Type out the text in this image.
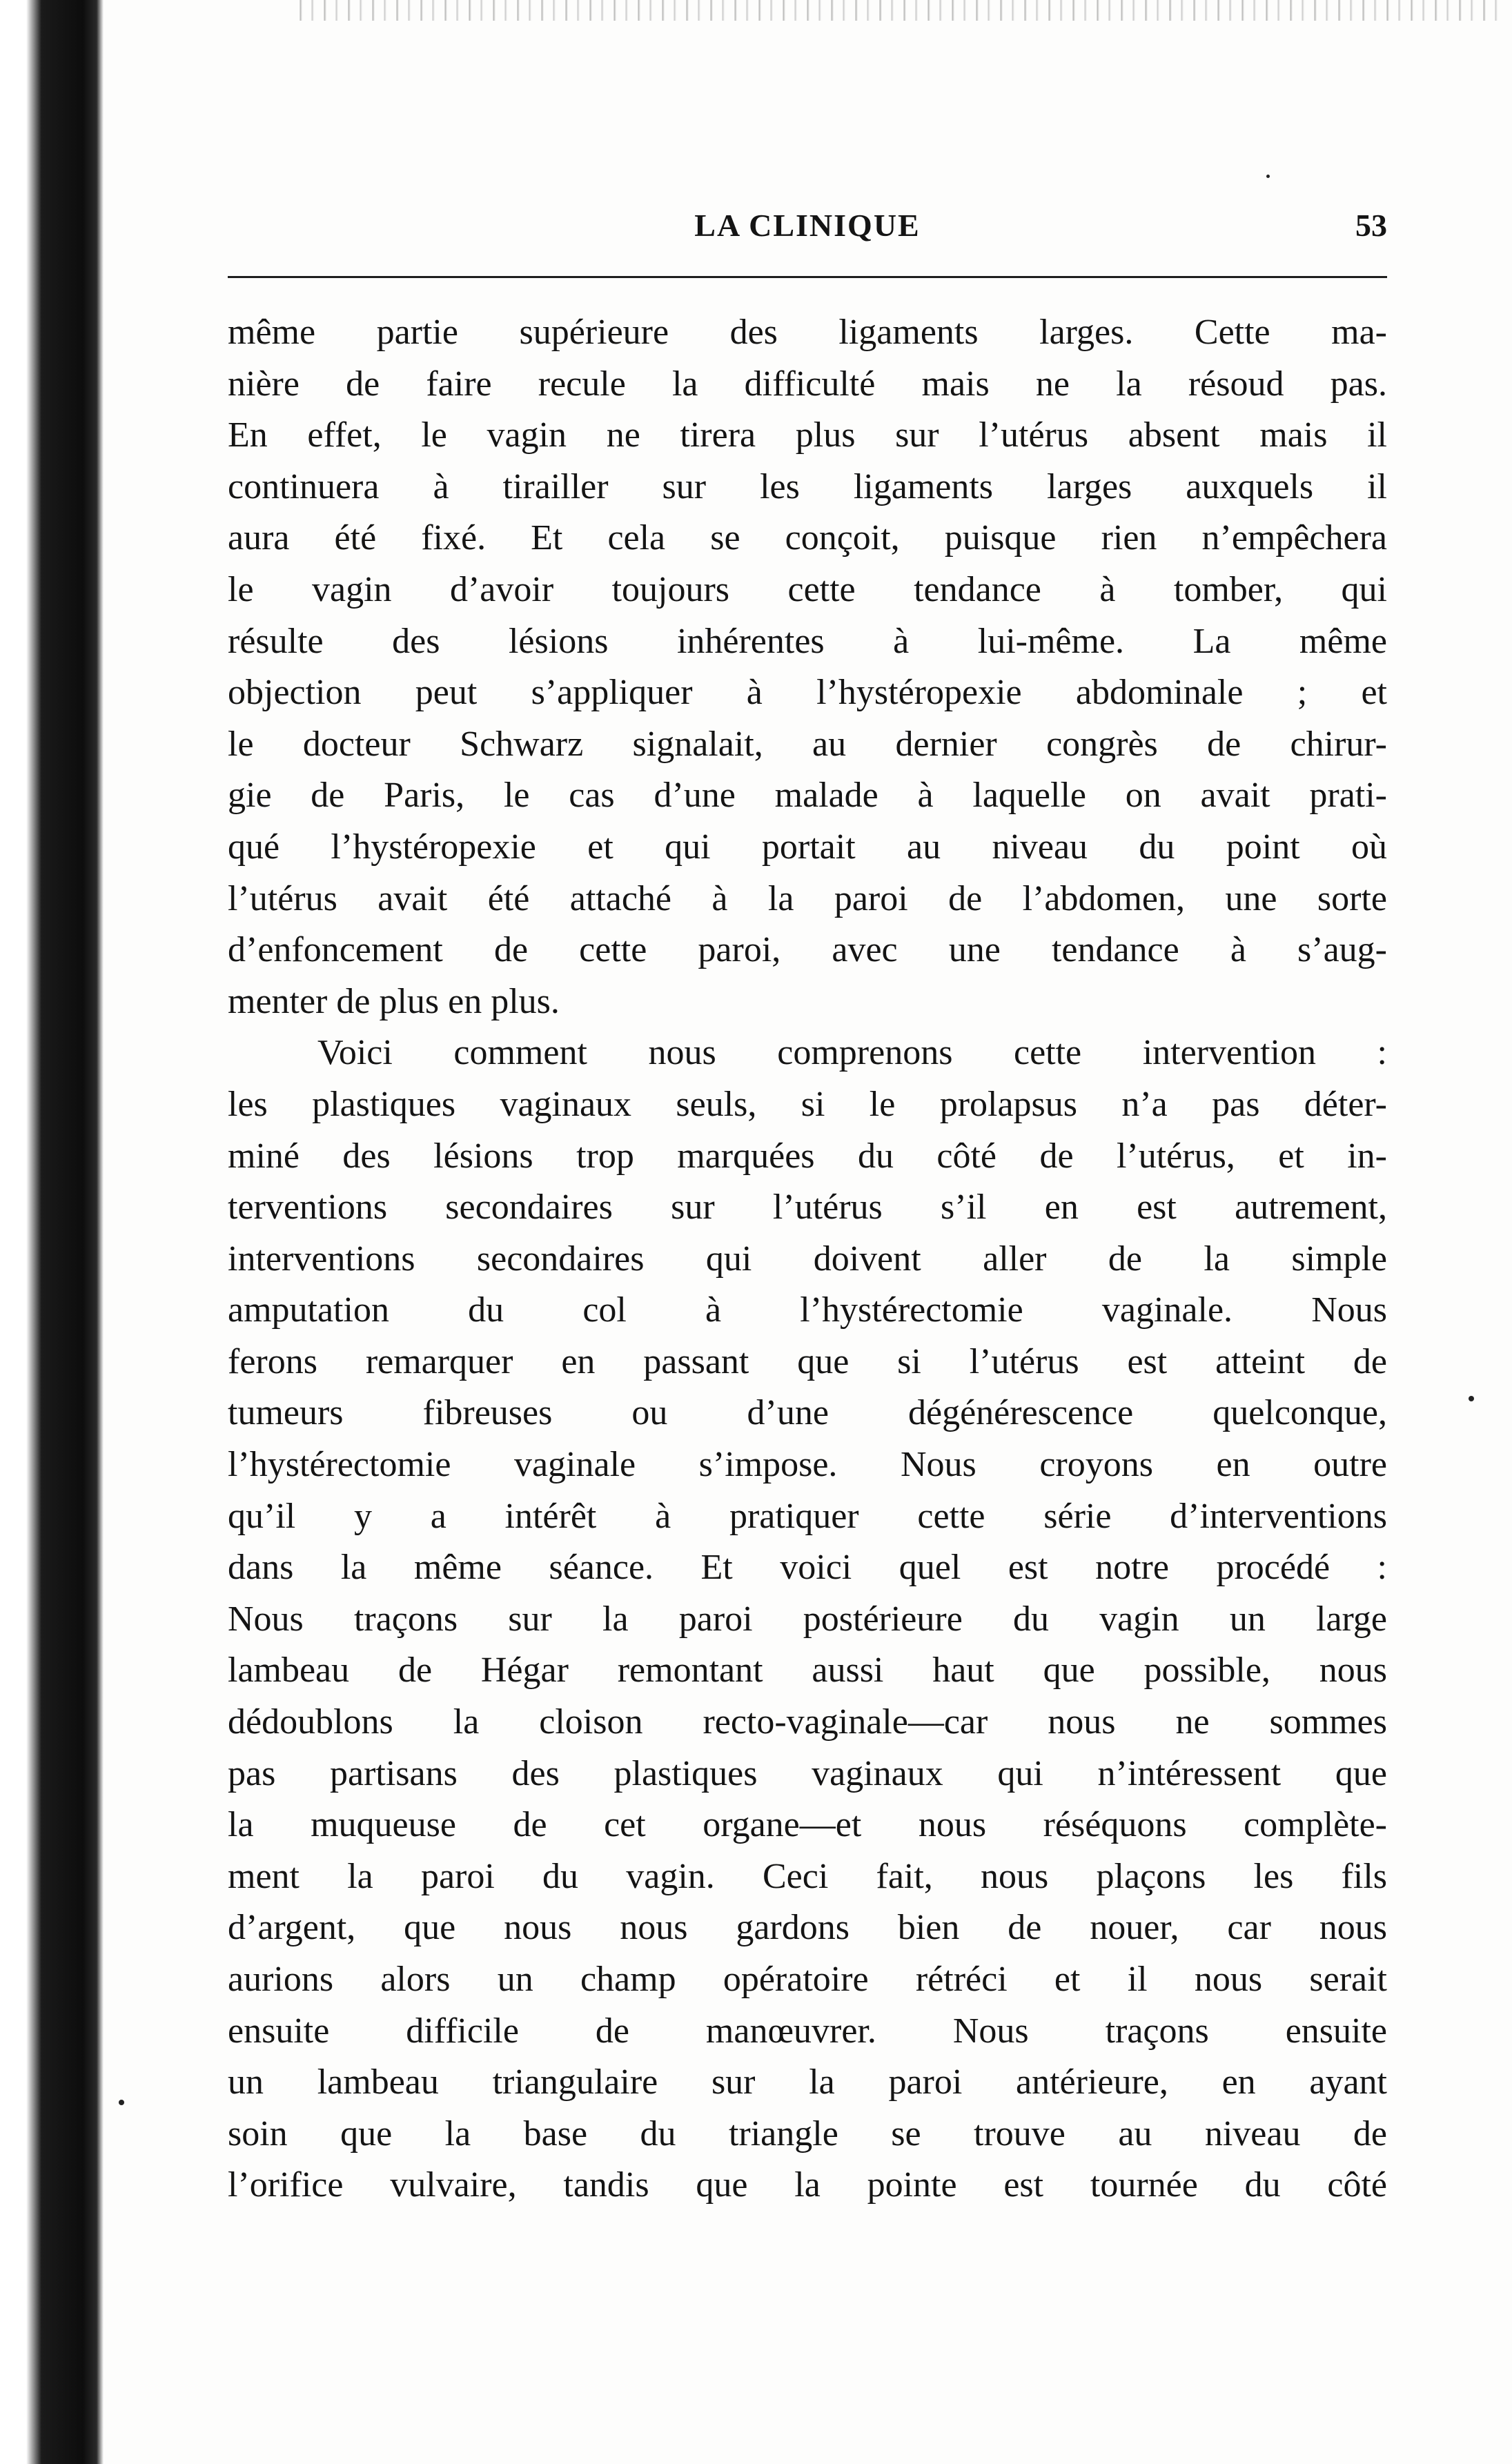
LA CLINIQUE	53
même partie supérieure des ligaments larges. Cette ma-
nière de faire recule la difficulté mais ne la résoud pas.
En effet, le vagin ne tirera plus sur l’utérus absent mais il
continuera à tirailler sur les ligaments larges auxquels il
aura été fixé. Et cela se conçoit, puisque rien n’empêchera
le vagin d’avoir toujours cette tendance à tomber, qui
résulte des lésions inhérentes à lui-même. La même
objection peut s’appliquer à l’hystéropexie abdominale ; et
le docteur Schwarz signalait, au dernier congrès de chirur-
gie de Paris, le cas d’une malade à laquelle on avait prati-
qué l’hystéropexie et qui portait au niveau du point où
l’utérus avait été attaché à la paroi de l’abdomen, une sorte
d’enfoncement de cette paroi, avec une tendance à s’aug-
menter de plus en plus.
Voici comment nous comprenons cette intervention :
les plastiques vaginaux seuls, si le prolapsus n’a pas déter-
miné des lésions trop marquées du côté de l’utérus, et in-
terventions secondaires sur l’utérus s’il en est autrement,
interventions secondaires qui doivent aller de la simple
amputation du col à l’hystérectomie vaginale. Nous
ferons remarquer en passant que si l’utérus est atteint de
tumeurs fibreuses ou d’une dégénérescence quelconque,
l’hystérectomie vaginale s’impose. Nous croyons en outre
qu’il y a intérêt à pratiquer cette série d’interventions
dans la même séance. Et voici quel est notre procédé :
Nous traçons sur la paroi postérieure du vagin un large
lambeau de Hégar remontant aussi haut que possible, nous
dédoublons la cloison recto-vaginale—car nous ne sommes
pas partisans des plastiques vaginaux qui n’intéressent que
la muqueuse de cet organe—et nous réséquons complète-
ment la paroi du vagin. Ceci fait, nous plaçons les fils
d’argent, que nous nous gardons bien de nouer, car nous
aurions alors un champ opératoire rétréci et il nous serait
ensuite difficile de manœuvrer. Nous traçons ensuite
un lambeau triangulaire sur la paroi antérieure, en ayant
soin que la base du triangle se trouve au niveau de
l’orifice vulvaire, tandis que la pointe est tournée du côté
